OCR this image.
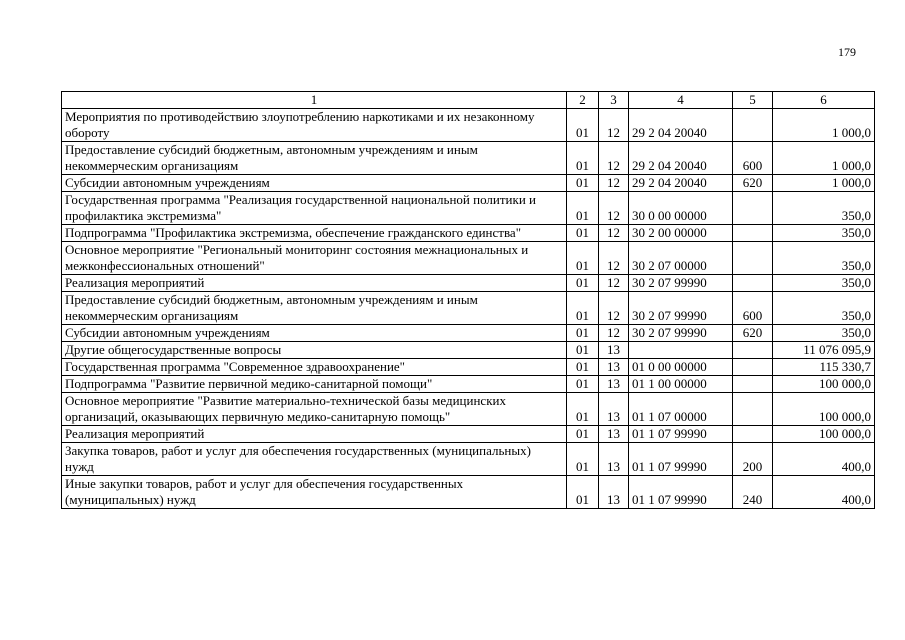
179
1	2	3	4	5	6
Мероприятия по противодействию злоупотреблению наркотиками и их незаконному обороту	01	12	29 2 04 20040		1 000,0
Предоставление субсидий бюджетным, автономным учреждениям и иным некоммерческим организациям	01	12	29 2 04 20040	600	1 000,0
Субсидии автономным учреждениям	01	12	29 2 04 20040	620	1 000,0
Государственная программа "Реализация государственной национальной политики и профилактика экстремизма"	01	12	30 0 00 00000		350,0
Подпрограмма "Профилактика экстремизма, обеспечение гражданского единства"	01	12	30 2 00 00000		350,0
Основное мероприятие "Региональный мониторинг состояния межнациональных и межконфессиональных отношений"	01	12	30 2 07 00000		350,0
Реализация мероприятий	01	12	30 2 07 99990		350,0
Предоставление субсидий бюджетным, автономным учреждениям и иным некоммерческим организациям	01	12	30 2 07 99990	600	350,0
Субсидии автономным учреждениям	01	12	30 2 07 99990	620	350,0
Другие общегосударственные вопросы	01	13			11 076 095,9
Государственная программа "Современное здравоохранение"	01	13	01 0 00 00000		115 330,7
Подпрограмма "Развитие первичной медико-санитарной помощи"	01	13	01 1 00 00000		100 000,0
Основное мероприятие "Развитие материально-технической базы медицинских организаций, оказывающих первичную медико-санитарную помощь"	01	13	01 1 07 00000		100 000,0
Реализация мероприятий	01	13	01 1 07 99990		100 000,0
Закупка товаров, работ и услуг для обеспечения государственных (муниципальных) нужд	01	13	01 1 07 99990	200	400,0
Иные закупки товаров, работ и услуг для обеспечения государственных (муниципальных) нужд	01	13	01 1 07 99990	240	400,0
